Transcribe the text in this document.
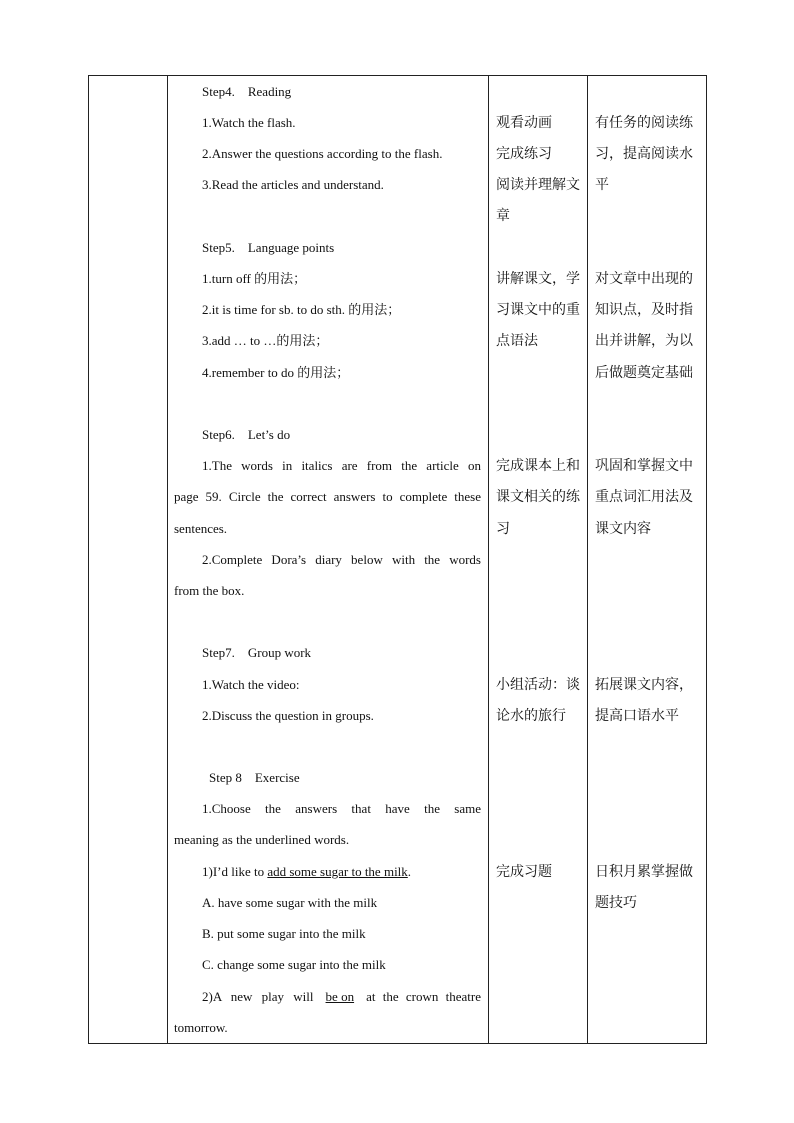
Step4.    Reading
1.Watch the flash.
2.Answer the questions according to the flash.
3.Read the articles and understand.
观看动画
完成练习
阅读并理解文
章
有任务的阅读练
习，提高阅读水
平
Step5.    Language points
1.turn off 的用法；
2.it is time for sb. to do sth. 的用法；
3.add … to …的用法；
4.remember to do 的用法；
讲解课文，学
习课文中的重
点语法
对文章中出现的
知识点，及时指
出并讲解，为以
后做题奠定基础
Step6.    Let’s do
1.The words in italics are from the article on
page 59. Circle the correct answers to complete these
sentences.
2.Complete Dora’s diary below with the words
from the box.
完成课本上和
课文相关的练
习
巩固和掌握文中
重点词汇用法及
课文内容
Step7.    Group work
1.Watch the video:
2.Discuss the question in groups.
小组活动：谈
论水的旅行
拓展课文内容，
提高口语水平
Step 8    Exercise
1.Choose the answers that have the same
meaning as the underlined words.
1)I’d like to add some sugar to the milk.
A. have some sugar with the milk
B. put some sugar into the milk
C. change some sugar into the milk
2)A new play will be on at the crown theatre
tomorrow.
完成习题	日积月累掌握做
题技巧
